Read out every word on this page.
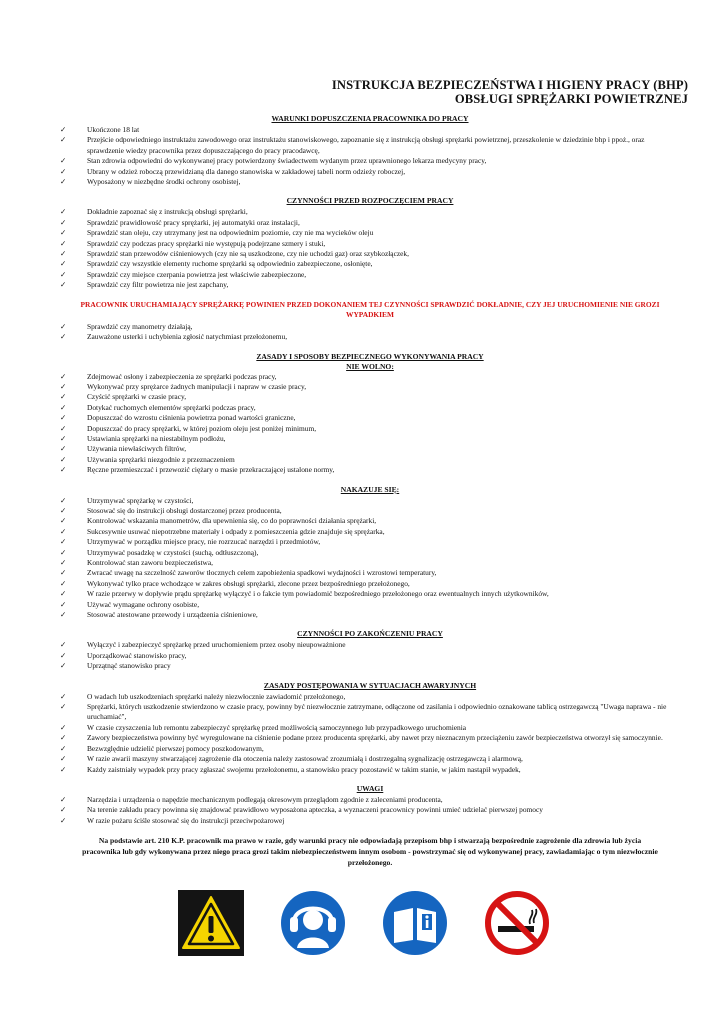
INSTRUKCJA BEZPIECZEŃSTWA I HIGIENY PRACY (BHP)
OBSŁUGI SPRĘŻARKI POWIETRZNEJ
WARUNKI DOPUSZCZENIA PRACOWNIKA DO PRACY
✓	Ukończone 18 lat
✓	Przejście odpowiedniego instruktażu zawodowego oraz instruktażu stanowiskowego, zapoznanie się z instrukcją obsługi sprężarki powietrznej, przeszkolenie w dziedzinie bhp i ppoż., oraz sprawdzenie wiedzy pracownika przez dopuszczającego do pracy pracodawcę,
✓	Stan zdrowia odpowiedni do wykonywanej pracy potwierdzony świadectwem wydanym przez uprawnionego lekarza medycyny pracy,
✓	Ubrany w odzież roboczą przewidzianą dla danego stanowiska w zakładowej tabeli norm odzieży roboczej,
✓	Wyposażony w niezbędne środki ochrony osobistej,
CZYNNOŚCI PRZED ROZPOCZĘCIEM PRACY
✓	Dokładnie zapoznać się z instrukcją obsługi sprężarki,
✓	Sprawdzić prawidłowość pracy sprężarki, jej automatyki oraz instalacji,
✓	Sprawdzić stan oleju, czy utrzymany jest na odpowiednim poziomie, czy nie ma wycieków oleju
✓	Sprawdzić czy podczas pracy sprężarki nie występują podejrzane szmery i stuki,
✓	Sprawdzić stan przewodów ciśnieniowych (czy nie są uszkodzone, czy nie uchodzi gaz) oraz szybkozłączek,
✓	Sprawdzić czy wszystkie elementy ruchome sprężarki są odpowiednio zabezpieczone, osłonięte,
✓	Sprawdzić czy miejsce czerpania powietrza jest właściwie zabezpieczone,
✓	Sprawdzić czy filtr powietrza nie jest zapchany,
PRACOWNIK URUCHAMIAJĄCY SPRĘŻARKĘ POWINIEN PRZED DOKONANIEM TEJ CZYNNOŚCI SPRAWDZIĆ DOKŁADNIE, CZY JEJ URUCHOMIENIE NIE GROZI WYPADKIEM
✓	Sprawdzić czy manometry działają,
✓	Zauważone usterki i uchybienia zgłosić natychmiast przełożonemu,
ZASADY I SPOSOBY BEZPIECZNEGO WYKONYWANIA PRACY
NIE WOLNO:
✓	Zdejmować osłony i zabezpieczenia ze sprężarki podczas pracy,
✓	Wykonywać przy sprężarce żadnych manipulacji i napraw w czasie pracy,
✓	Czyścić sprężarki w czasie pracy,
✓	Dotykać ruchomych elementów sprężarki podczas pracy,
✓	Dopuszczać do wzrostu ciśnienia powietrza ponad wartości graniczne,
✓	Dopuszczać do pracy sprężarki, w której poziom oleju jest poniżej minimum,
✓	Ustawiania sprężarki na niestabilnym podłożu,
✓	Używania niewłaściwych filtrów,
✓	Używania sprężarki niezgodnie z przeznaczeniem
✓	Ręczne przemieszczać i przewozić ciężary o masie przekraczającej ustalone normy,
NAKAZUJE SIĘ:
✓	Utrzymywać sprężarkę w czystości,
✓	Stosować się do instrukcji obsługi dostarczonej przez producenta,
✓	Kontrolować wskazania manometrów, dla upewnienia się, co do poprawności działania sprężarki,
✓	Sukcesywnie usuwać niepotrzebne materiały i odpady z pomieszczenia gdzie znajduje się sprężarka,
✓	Utrzymywać w porządku miejsce pracy, nie rozrzucać narzędzi i przedmiotów,
✓	Utrzymywać posadzkę w czystości (suchą, odtłuszczoną),
✓	Kontrolować stan zaworu bezpieczeństwa,
✓	Zwracać uwagę na szczelność zaworów tłocznych celem zapobieżenia spadkowi wydajności i wzrostowi temperatury,
✓	Wykonywać tylko prace wchodzące w zakres obsługi sprężarki, zlecone przez bezpośredniego przełożonego,
✓	W razie przerwy w dopływie prądu sprężarkę wyłączyć i o fakcie tym powiadomić bezpośredniego przełożonego oraz ewentualnych innych użytkowników,
✓	Używać wymagane ochrony osobiste,
✓	Stosować atestowane przewody i urządzenia ciśnieniowe,
CZYNNOŚCI PO ZAKOŃCZENIU PRACY
✓	Wyłączyć i zabezpieczyć sprężarkę przed uruchomieniem przez osoby nieupoważnione
✓	Uporządkować stanowisko pracy,
✓	Uprzątnąć stanowisko pracy
ZASADY POSTĘPOWANIA W SYTUACJACH AWARYJNYCH
✓	O wadach lub uszkodzeniach sprężarki należy niezwłocznie zawiadomić przełożonego,
✓	Sprężarki, których uszkodzenie stwierdzono w czasie pracy, powinny być niezwłocznie zatrzymane, odłączone od zasilania i odpowiednio oznakowane tablicą ostrzegawczą "Uwaga naprawa - nie uruchamiać",
✓	W czasie czyszczenia lub remontu zabezpieczyć sprężarkę przed możliwością samoczynnego lub przypadkowego uruchomienia
✓	Zawory bezpieczeństwa powinny być wyregulowane na ciśnienie podane przez producenta sprężarki, aby nawet przy nieznacznym przeciążeniu zawór bezpieczeństwa otworzył się samoczynnie.
✓	Bezwzględnie udzielić pierwszej pomocy poszkodowanym,
✓	W razie awarii maszyny stwarzającej zagrożenie dla otoczenia należy zastosować zrozumiałą i dostrzegalną sygnalizację ostrzegawczą i alarmową,
✓	Każdy zaistniały wypadek przy pracy zgłaszać swojemu przełożonemu, a stanowisko pracy pozostawić w takim stanie, w jakim nastąpił wypadek,
UWAGI
✓	Narzędzia i urządzenia o napędzie mechanicznym podlegają okresowym przeglądom zgodnie z zaleceniami producenta,
✓	Na terenie zakładu pracy powinna się znajdować prawidłowo wyposażona apteczka, a wyznaczeni pracownicy powinni umieć udzielać pierwszej pomocy
✓	W razie pożaru ściśle stosować się do instrukcji przeciwpożarowej
Na podstawie art. 210 K.P. pracownik ma prawo w razie, gdy warunki pracy nie odpowiadają przepisom bhp i stwarzają bezpośrednie zagrożenie dla zdrowia lub życia pracownika lub gdy wykonywana przez niego praca grozi takim niebezpieczeństwem innym osobom - powstrzymać się od wykonywanej pracy, zawiadamiając o tym niezwłocznie przełożonego.
